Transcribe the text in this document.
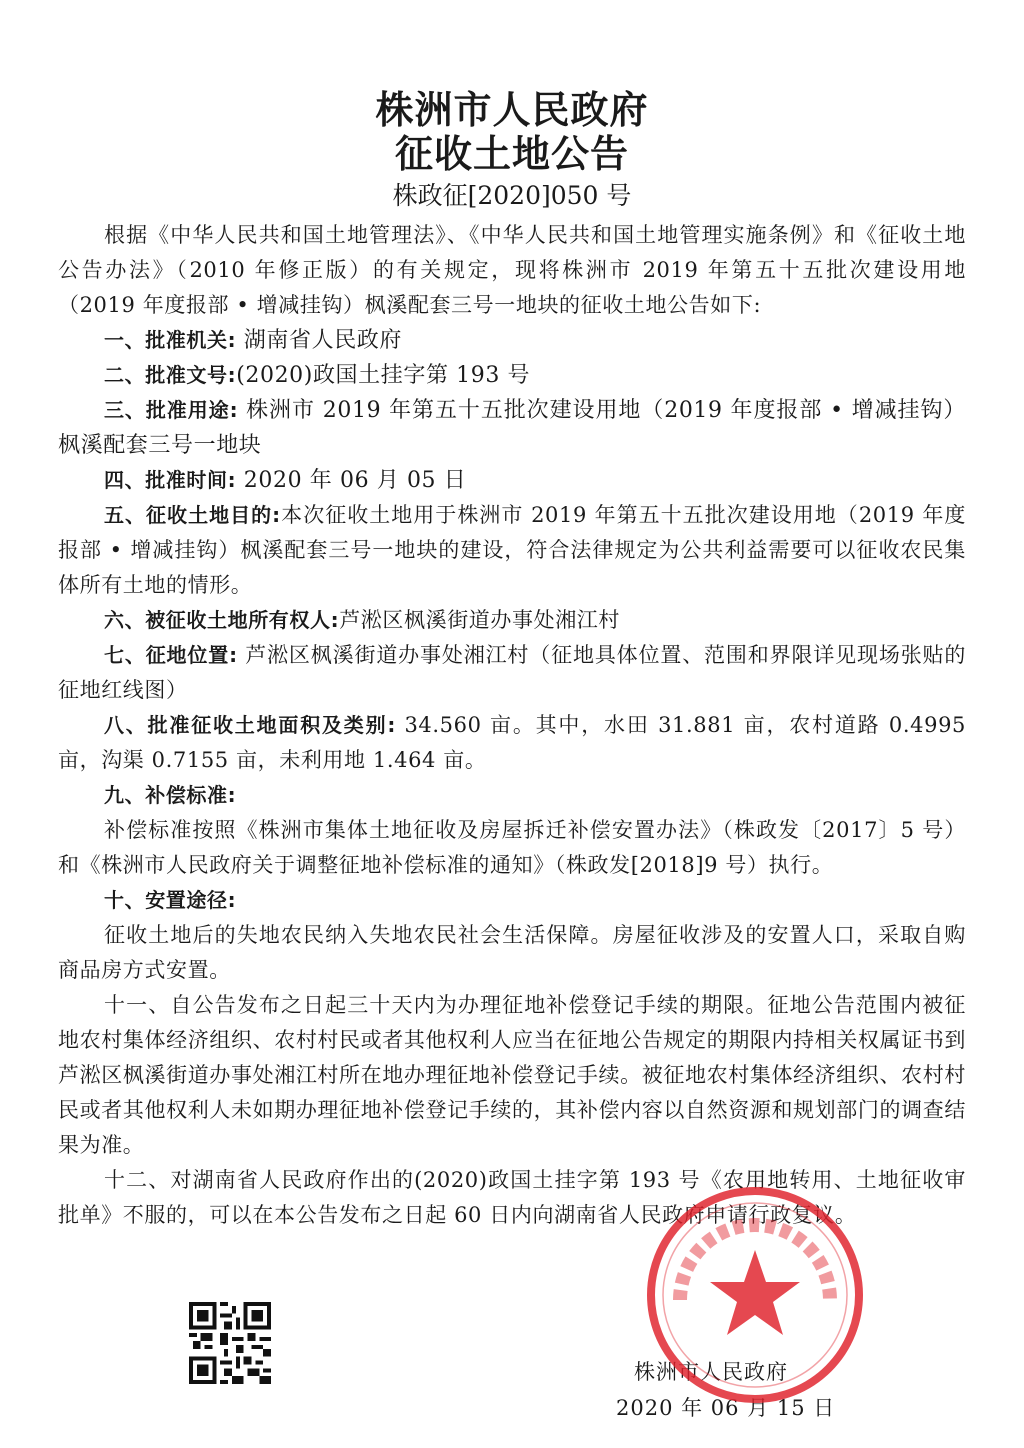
株洲市人民政府
征收土地公告
株政征[2020]050 号

根据《中华人民共和国土地管理法》、《中华人民共和国土地管理实施条例》和《征收土地公告办法》（2010 年修正版）的有关规定，现将株洲市 2019 年第五十五批次建设用地（2019 年度报部 • 增减挂钩）枫溪配套三号一地块的征收土地公告如下:

一、批准机关: 湖南省人民政府

二、批准文号:(2020)政国土挂字第 193 号

三、批准用途: 株洲市 2019 年第五十五批次建设用地（2019 年度报部 • 增减挂钩）枫溪配套三号一地块

四、批准时间: 2020 年 06 月 05 日

五、征收土地目的:本次征收土地用于株洲市 2019 年第五十五批次建设用地（2019 年度报部 • 增减挂钩）枫溪配套三号一地块的建设，符合法律规定为公共利益需要可以征收农民集体所有土地的情形。

六、被征收土地所有权人:芦淞区枫溪街道办事处湘江村

七、征地位置: 芦淞区枫溪街道办事处湘江村（征地具体位置、范围和界限详见现场张贴的征地红线图）

八、批准征收土地面积及类别: 34.560 亩。其中，水田 31.881 亩，农村道路 0.4995 亩，沟渠 0.7155 亩，未利用地 1.464 亩。

九、补偿标准:

补偿标准按照《株洲市集体土地征收及房屋拆迁补偿安置办法》（株政发〔2017〕5 号）和《株洲市人民政府关于调整征地补偿标准的通知》（株政发[2018]9 号）执行。

十、安置途径:

征收土地后的失地农民纳入失地农民社会生活保障。房屋征收涉及的安置人口，采取自购商品房方式安置。

十一、自公告发布之日起三十天内为办理征地补偿登记手续的期限。征地公告范围内被征地农村集体经济组织、农村村民或者其他权利人应当在征地公告规定的期限内持相关权属证书到芦淞区枫溪街道办事处湘江村所在地办理征地补偿登记手续。被征地农村集体经济组织、农村村民或者其他权利人未如期办理征地补偿登记手续的，其补偿内容以自然资源和规划部门的调查结果为准。

十二、对湖南省人民政府作出的(2020)政国土挂字第 193 号《农用地转用、土地征收审批单》不服的，可以在本公告发布之日起 60 日内向湖南省人民政府申请行政复议。

株洲市人民政府
2020 年 06 月 15 日
